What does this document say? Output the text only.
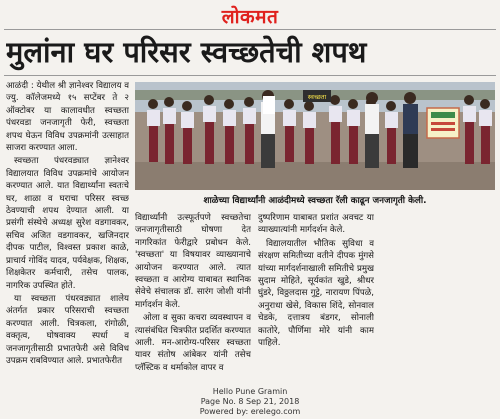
लोकमत
मुलांना घर परिसर स्वच्छतेची शपथ

आळंदी : येथील श्री ज्ञानेश्वर विद्यालय व ज्यु. कॉलेजमध्ये १५ सप्टेंबर ते २ ऑक्टोबर या कालावधीत स्वच्छता पंधरवडा जनजागृती फेरी, स्वच्छता शपथ घेऊन विविध उपक्रमांनी उत्साहात साजरा करण्यात आला.

स्वच्छता पंधरवड्यात ज्ञानेश्वर विद्यालयात विविध उपक्रमांचे आयोजन करण्यात आले. यात विद्यार्थ्यांना स्वतःचे घर, शाळा व घराचा परिसर स्वच्छ ठेवण्याची शपथ देण्यात आली. या प्रसंगी संस्थेचे अध्यक्ष सुरेश वडगावकर, सचिव अजित वडगावकर, खजिनदार दीपक पाटील, विश्वस्त प्रकाश काळे, प्राचार्य गोविंद यादव, पर्यवेक्षक, शिक्षक, शिक्षकेतर कर्मचारी, तसेच पालक, नागरिक उपस्थित होते.

या स्वच्छता पंधरवड्यात शालेय अंतर्गत प्रकार परिसराची स्वच्छता करण्यात आली. चित्रकला, रांगोळी, वक्तृत्व, घोषवाक्य स्पर्धा व जनजागृतीसाठी प्रभातफेरी असे विविध उपक्रम राबविण्यात आले. प्रभातफेरीत

स्वच्छता
शाळेच्या विद्यार्थ्यांनी आळंदीमध्ये स्वच्छता रॅली काढून जनजागृती केली.

विद्यार्थ्यांनी उत्स्फूर्तपणे स्वच्छतेचा जनजागृतीसाठी घोषणा देत नागरिकांत फेरीद्वारे प्रबोधन केले. 'स्वच्छता' या विषयावर व्याख्यानाचे आयोजन करण्यात आले. त्यात स्वच्छता व आरोग्य याबाबत स्थानिक सेवेचे संचालक डॉ. सारंग जोशी यांनी मार्गदर्शन केले.

ओला व सुका कचरा व्यवस्थापन व त्यासंबंधित चित्रफीत प्रदर्शित करण्यात आली. मन-आरोग्य-परिसर स्वच्छता यावर संतोष आंबेकर यांनी तसेच प्लॅस्टिक व थर्माकोल वापर व

दुष्परिणाम याबाबत प्रशांत अवचट या व्याख्यात्यांनी मार्गदर्शन केले.

विद्यालयातील भौतिक सुविधा व संरक्षण समितीच्या वतीने दीपक मुंगसे यांच्या मार्गदर्शनाखाली समितीचे प्रमुख सुदाम मोहिते, सूर्यकांत खुडे, श्रीधर घुंडरे, विठ्ठलदास गुट्टे, नारायण पिंपळे, अनुराधा खेसे, विकास शिंदे, सोनवाल चेडके, दत्तात्रय बंडगर, सोनाली कातोरे, पौर्णिमा मोरे यांनी काम पाहिले.

Hello Pune Gramin
Page No. 8 Sep 21, 2018
Powered by: erelego.com
